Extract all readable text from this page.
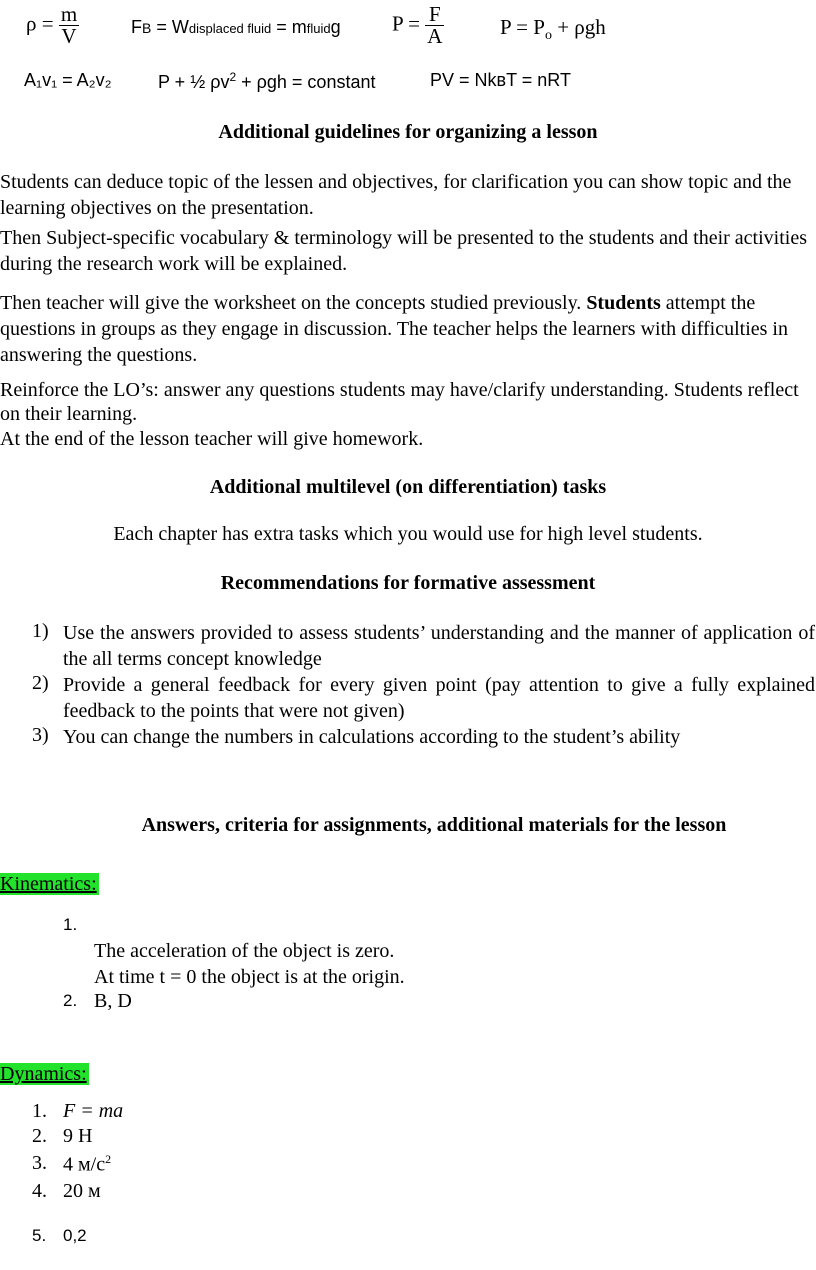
$\rho = \frac{m}{V}$	FB = Wdisplaced fluid = mfluidg $P = \frac{F}{A}$	$P = P_o + \rho gh$
A₁v₁ = A₂v₂	P + ½ $\rho v^2 + \rho gh$ = constant	PV = NkʙT = nRT
Additional guidelines for organizing a lesson
Students can deduce topic of the lessen and objectives, for clarification you can show topic and the learning objectives on the presentation.
Then Subject-specific vocabulary & terminology will be presented to the students and their activities during the research work will be explained.
Then teacher will give the worksheet on the concepts studied previously. Students attempt the questions in groups as they engage in discussion. The teacher helps the learners with difficulties in answering the questions.
Reinforce the LO’s: answer any questions students may have/clarify understanding. Students reflect on their learning.
At the end of the lesson teacher will give homework.
Additional multilevel (on differentiation) tasks
Each chapter has extra tasks which you would use for high level students.
Recommendations for formative assessment
1) Use the answers provided to assess students’ understanding and the manner of application of the all terms concept knowledge
2) Provide a general feedback for every given point (pay attention to give a fully explained feedback to the points that were not given)
3) You can change the numbers in calculations according to the student’s ability
Answers, criteria for assignments, additional materials for the lesson
Kinematics:
1.
The acceleration of the object is zero.
At time t = 0 the object is at the origin.
2. B, D
Dynamics:
1. F = ma
2. 9 Н
3. 4 $м/с^2$
4. 20 м
5. 0,2
